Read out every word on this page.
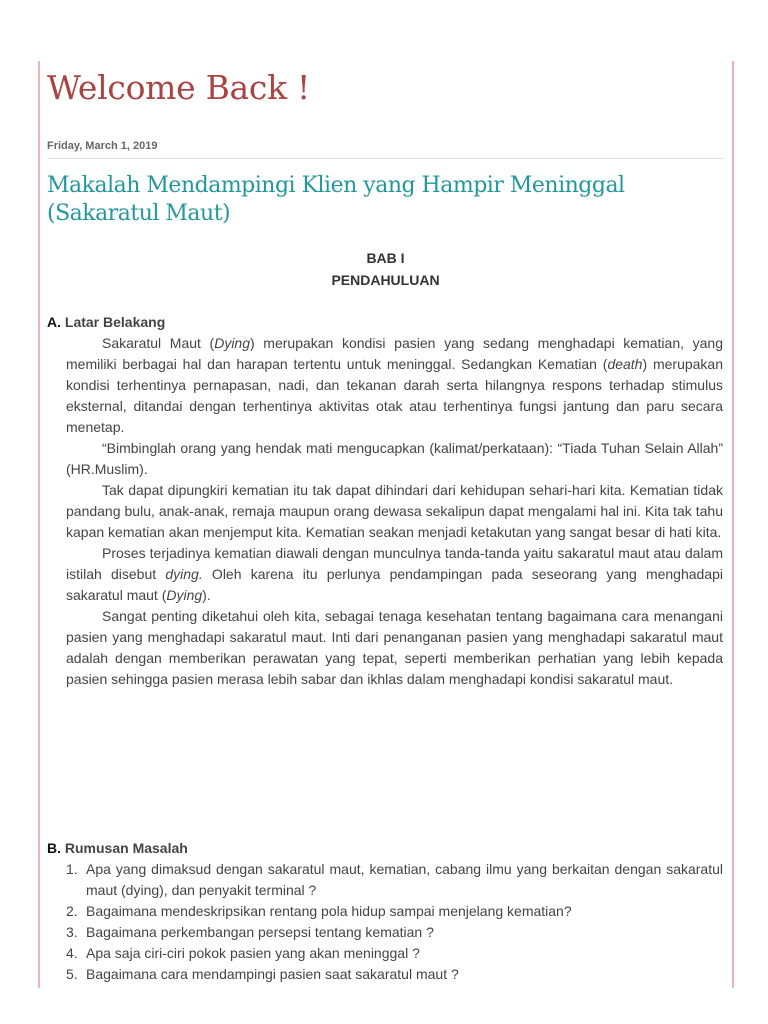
Welcome Back !
Friday, March 1, 2019
Makalah Mendampingi Klien yang Hampir Meninggal
(Sakaratul Maut)
BAB I
PENDAHULUAN
A. Latar Belakang

Sakaratul Maut (Dying) merupakan kondisi pasien yang sedang menghadapi kematian, yang memiliki berbagai hal dan harapan tertentu untuk meninggal. Sedangkan Kematian (death) merupakan kondisi terhentinya pernapasan, nadi, dan tekanan darah serta hilangnya respons terhadap stimulus eksternal, ditandai dengan terhentinya aktivitas otak atau terhentinya fungsi jantung dan paru secara menetap.

“Bimbinglah orang yang hendak mati mengucapkan (kalimat/perkataan): “Tiada Tuhan Selain Allah” (HR.Muslim).

Tak dapat dipungkiri kematian itu tak dapat dihindari dari kehidupan sehari-hari kita. Kematian tidak pandang bulu, anak-anak, remaja maupun orang dewasa sekalipun dapat mengalami hal ini. Kita tak tahu kapan kematian akan menjemput kita. Kematian seakan menjadi ketakutan yang sangat besar di hati kita.

Proses terjadinya kematian diawali dengan munculnya tanda-tanda yaitu sakaratul maut atau dalam istilah disebut dying. Oleh karena itu perlunya pendampingan pada seseorang yang menghadapi sakaratul maut (Dying).

Sangat penting diketahui oleh kita, sebagai tenaga kesehatan tentang bagaimana cara menangani pasien yang menghadapi sakaratul maut. Inti dari penanganan pasien yang menghadapi sakaratul maut adalah dengan memberikan perawatan yang tepat, seperti memberikan perhatian yang lebih kepada pasien sehingga pasien merasa lebih sabar dan ikhlas dalam menghadapi kondisi sakaratul maut.

B. Rumusan Masalah
1. Apa yang dimaksud dengan sakaratul maut, kematian, cabang ilmu yang berkaitan dengan sakaratul maut (dying), dan penyakit terminal ?
2. Bagaimana mendeskripsikan rentang pola hidup sampai menjelang kematian?
3. Bagaimana perkembangan persepsi tentang kematian ?
4. Apa saja ciri-ciri pokok pasien yang akan meninggal ?
5. Bagaimana cara mendampingi pasien saat sakaratul maut ?
